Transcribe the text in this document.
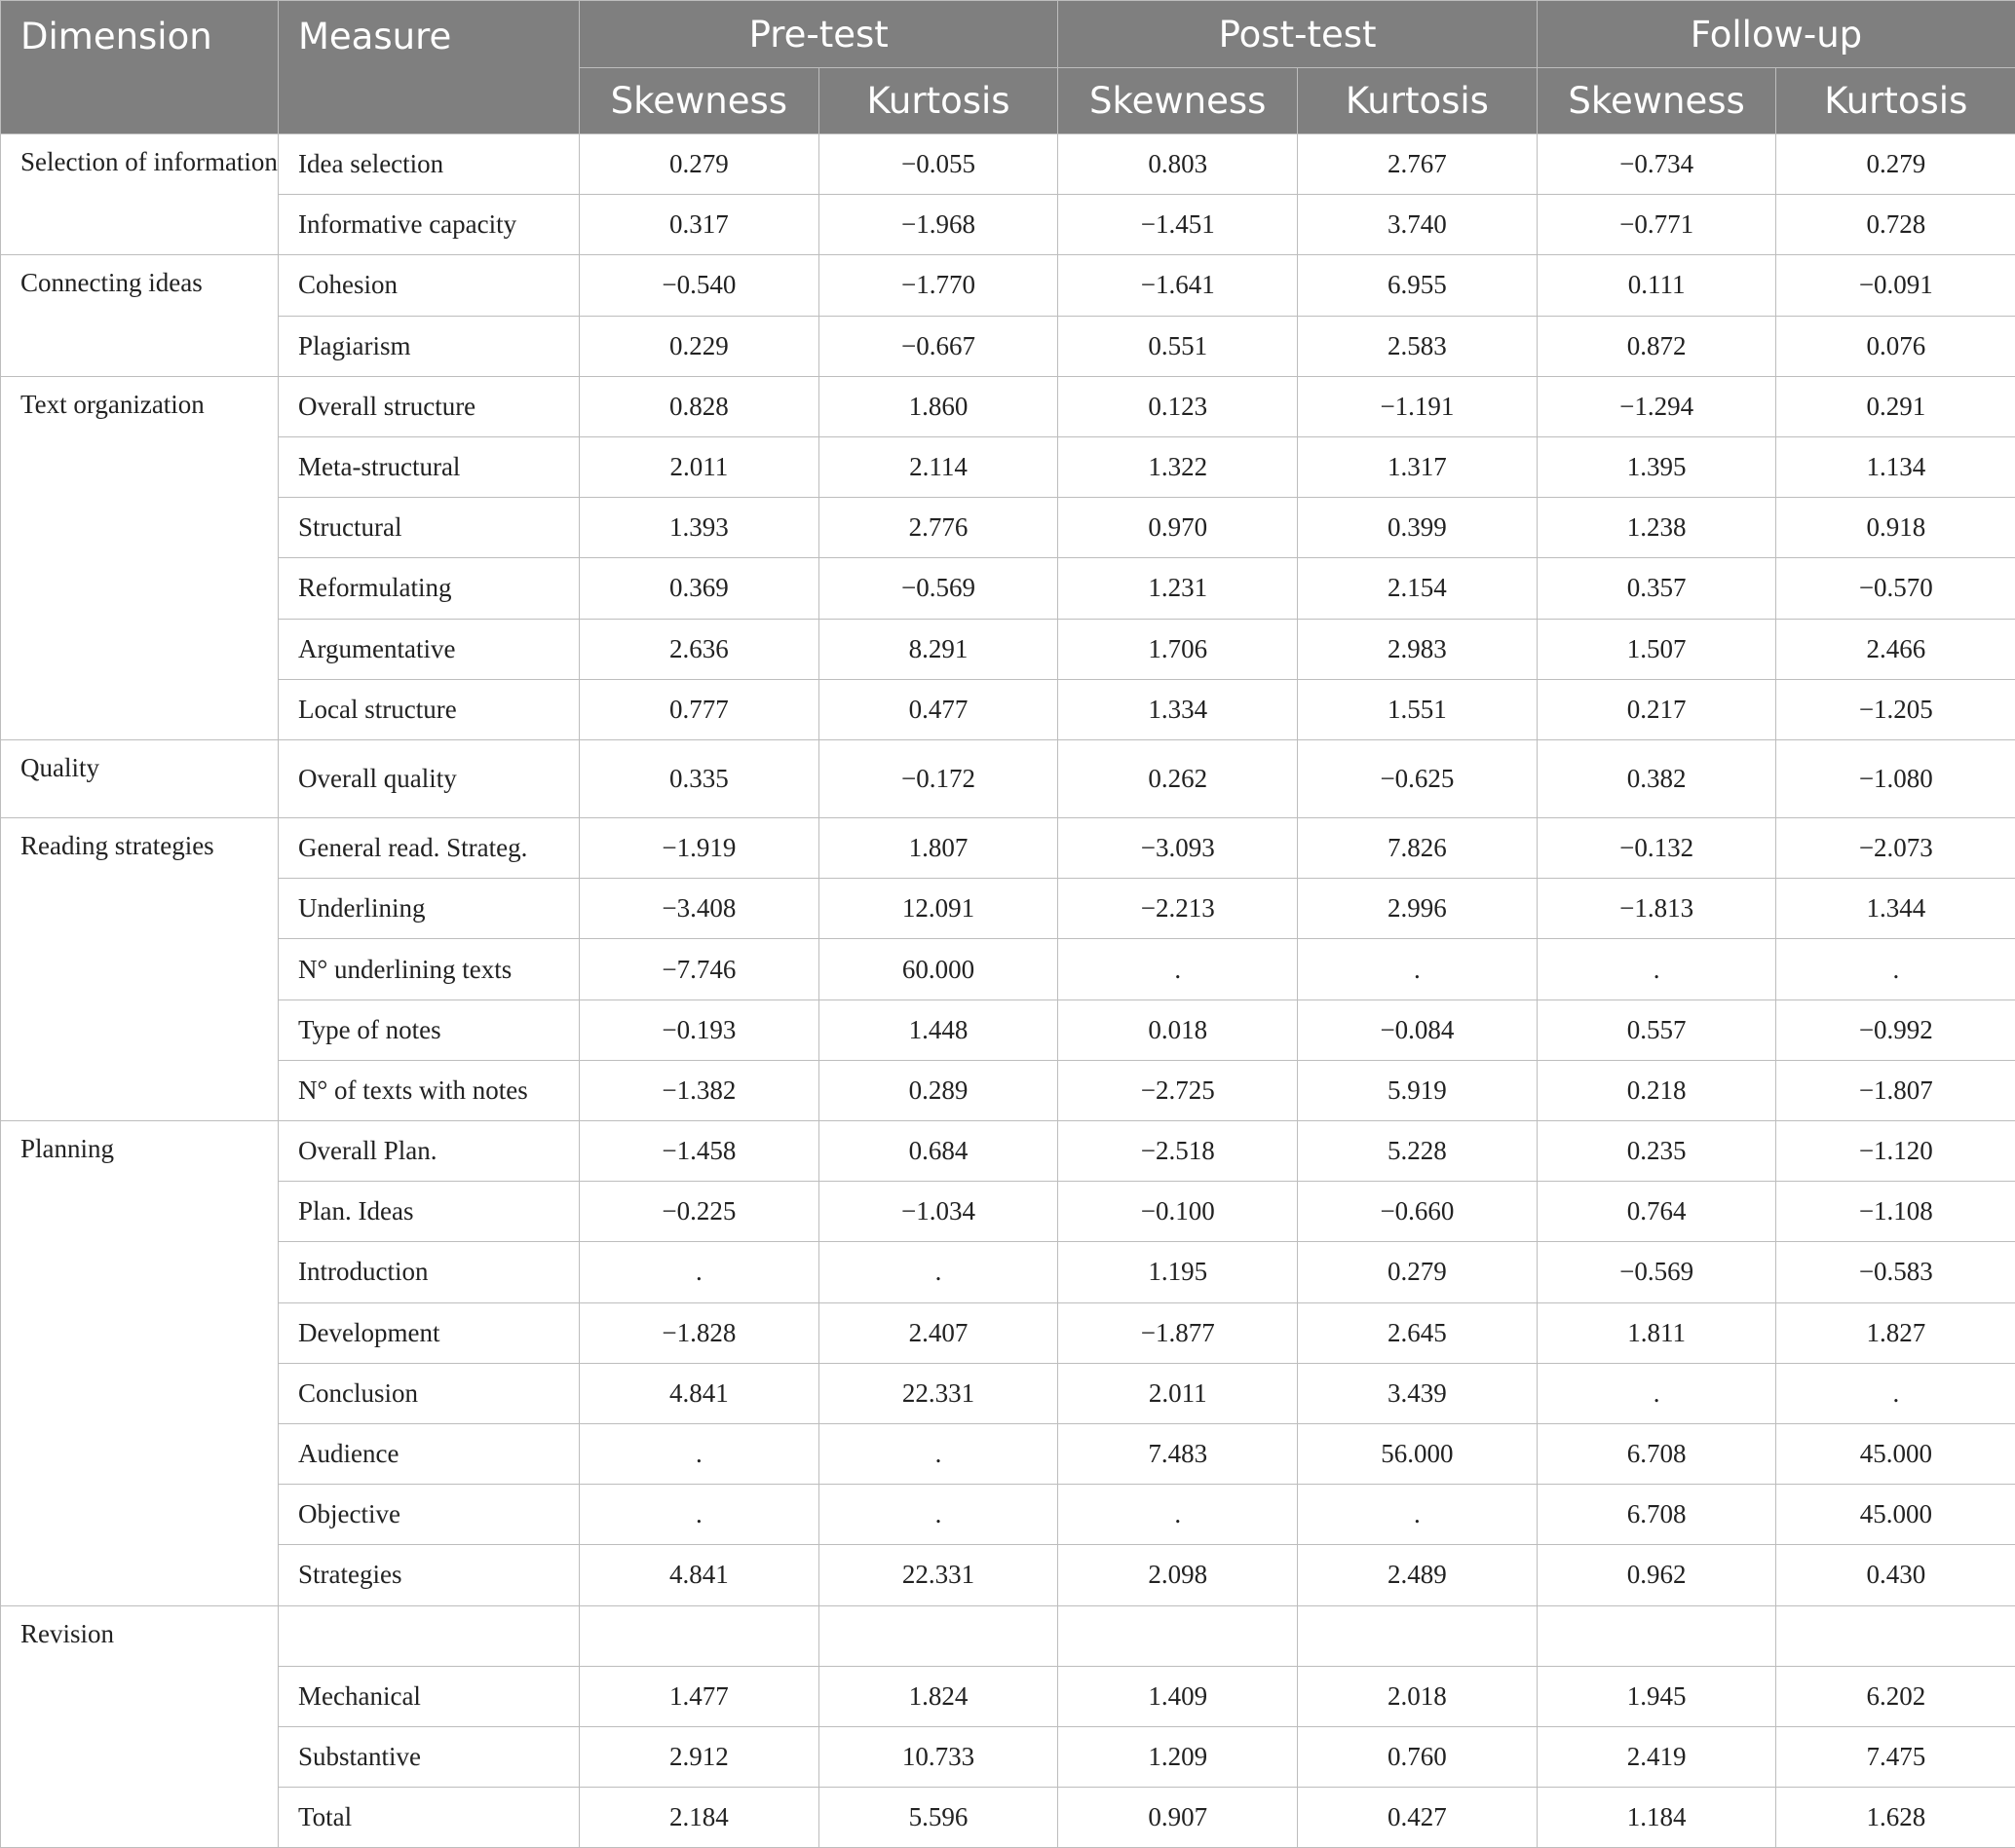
Dimension	Measure	Pre-test		Post-test		Follow-up	
		Skewness	Kurtosis	Skewness	Kurtosis	Skewness	Kurtosis

Selection of information	Idea selection	0.279	−0.055	0.803	2.767	−0.734	0.279
	Informative capacity	0.317	−1.968	−1.451	3.740	−0.771	0.728

Connecting ideas	Cohesion	−0.540	−1.770	−1.641	6.955	0.111	−0.091
	Plagiarism	0.229	−0.667	0.551	2.583	0.872	0.076

Text organization	Overall structure	0.828	1.860	0.123	−1.191	−1.294	0.291
	Meta-structural	2.011	2.114	1.322	1.317	1.395	1.134
	Structural	1.393	2.776	0.970	0.399	1.238	0.918
	Reformulating	0.369	−0.569	1.231	2.154	0.357	−0.570
	Argumentative	2.636	8.291	1.706	2.983	1.507	2.466
	Local structure	0.777	0.477	1.334	1.551	0.217	−1.205

Quality	Overall quality	0.335	−0.172	0.262	−0.625	0.382	−1.080

Reading strategies	General read. Strateg.	−1.919	1.807	−3.093	7.826	−0.132	−2.073
	Underlining	−3.408	12.091	−2.213	2.996	−1.813	1.344
	N° underlining texts	−7.746	60.000	.	.	.	.
	Type of notes	−0.193	1.448	0.018	−0.084	0.557	−0.992
	N° of texts with notes	−1.382	0.289	−2.725	5.919	0.218	−1.807

Planning	Overall Plan.	−1.458	0.684	−2.518	5.228	0.235	−1.120
	Plan. Ideas	−0.225	−1.034	−0.100	−0.660	0.764	−1.108
	Introduction	.	.	1.195	0.279	−0.569	−0.583
	Development	−1.828	2.407	−1.877	2.645	1.811	1.827
	Conclusion	4.841	22.331	2.011	3.439	.	.
	Audience	.	.	7.483	56.000	6.708	45.000
	Objective	.	.	.	.	6.708	45.000
	Strategies	4.841	22.331	2.098	2.489	0.962	0.430

Revision							

	Mechanical	1.477	1.824	1.409	2.018	1.945	6.202
	Substantive	2.912	10.733	1.209	0.760	2.419	7.475
	Total	2.184	5.596	0.907	0.427	1.184	1.628
